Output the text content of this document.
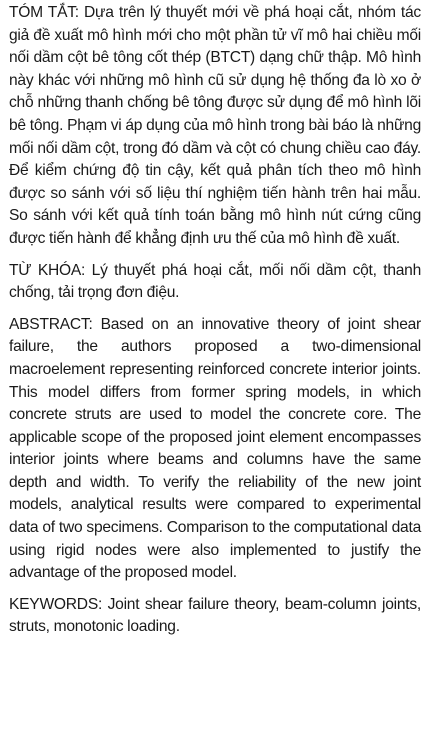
TÓM TẮT: Dựa trên lý thuyết mới về phá hoại cắt, nhóm tác giả đề xuất mô hình mới cho một phần tử vĩ mô hai chiều mối nối dầm cột bê tông cốt thép (BTCT) dạng chữ thập. Mô hình này khác với những mô hình cũ sử dụng hệ thống đa lò xo ở chỗ những thanh chống bê tông được sử dụng để mô hình lõi bê tông. Phạm vi áp dụng của mô hình trong bài báo là những mối nối dầm cột, trong đó dầm và cột có chung chiều cao đáy. Để kiểm chứng độ tin cậy, kết quả phân tích theo mô hình được so sánh với số liệu thí nghiệm tiến hành trên hai mẫu. So sánh với kết quả tính toán bằng mô hình nút cứng cũng được tiến hành để khẳng định ưu thế của mô hình đề xuất.

TỪ KHÓA: Lý thuyết phá hoại cắt, mối nối dầm cột, thanh chống, tải trọng đơn điệu.

ABSTRACT: Based on an innovative theory of joint shear failure, the authors proposed a two-dimensional macroelement representing reinforced concrete interior joints. This model differs from former spring models, in which concrete struts are used to model the concrete core. The applicable scope of the proposed joint element encompasses interior joints where beams and columns have the same depth and width. To verify the reliability of the new joint models, analytical results were compared to experimental data of two specimens. Comparison to the computational data using rigid nodes were also implemented to justify the advantage of the proposed model.

KEYWORDS: Joint shear failure theory, beam-column joints, struts, monotonic loading.
